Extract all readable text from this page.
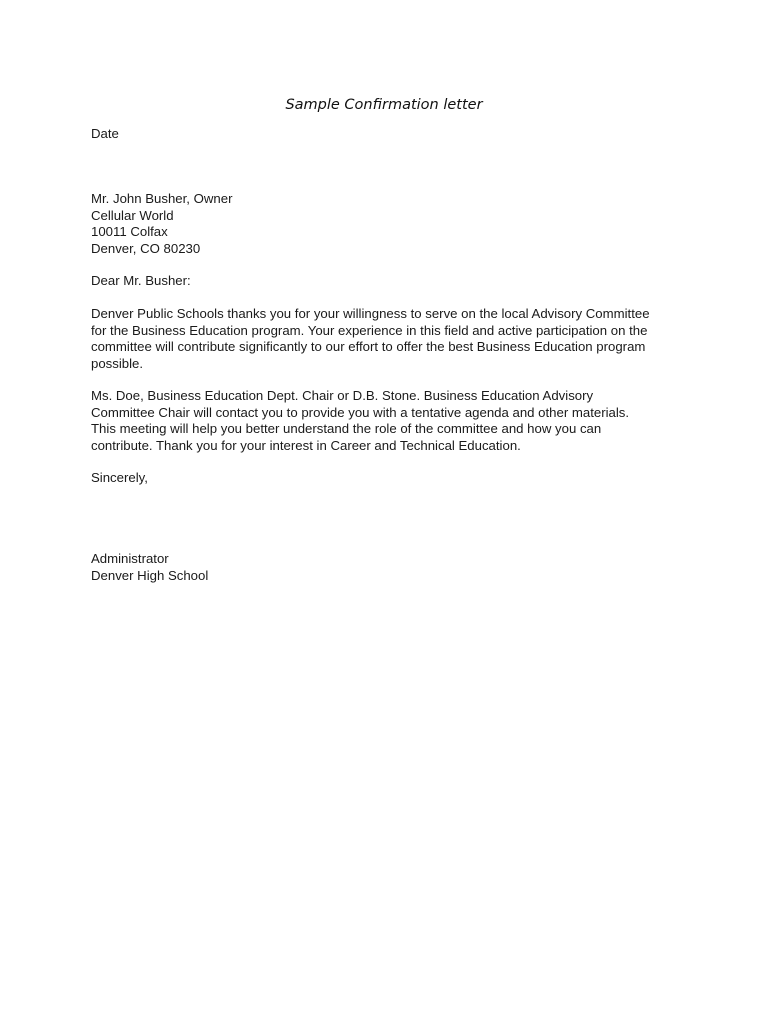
Sample Confirmation letter
Date
Mr. John Busher, Owner
Cellular World
10011 Colfax
Denver, CO 80230
Dear Mr. Busher:
Denver Public Schools thanks you for your willingness to serve on the local Advisory Committee
for the Business Education program. Your experience in this field and active participation on the
committee will contribute significantly to our effort to offer the best Business Education program
possible.
Ms. Doe, Business Education Dept. Chair or D.B. Stone. Business Education Advisory
Committee Chair will contact you to provide you with a tentative agenda and other materials.
This meeting will help you better understand the role of the committee and how you can
contribute. Thank you for your interest in Career and Technical Education.
Sincerely,
Administrator
Denver High School
